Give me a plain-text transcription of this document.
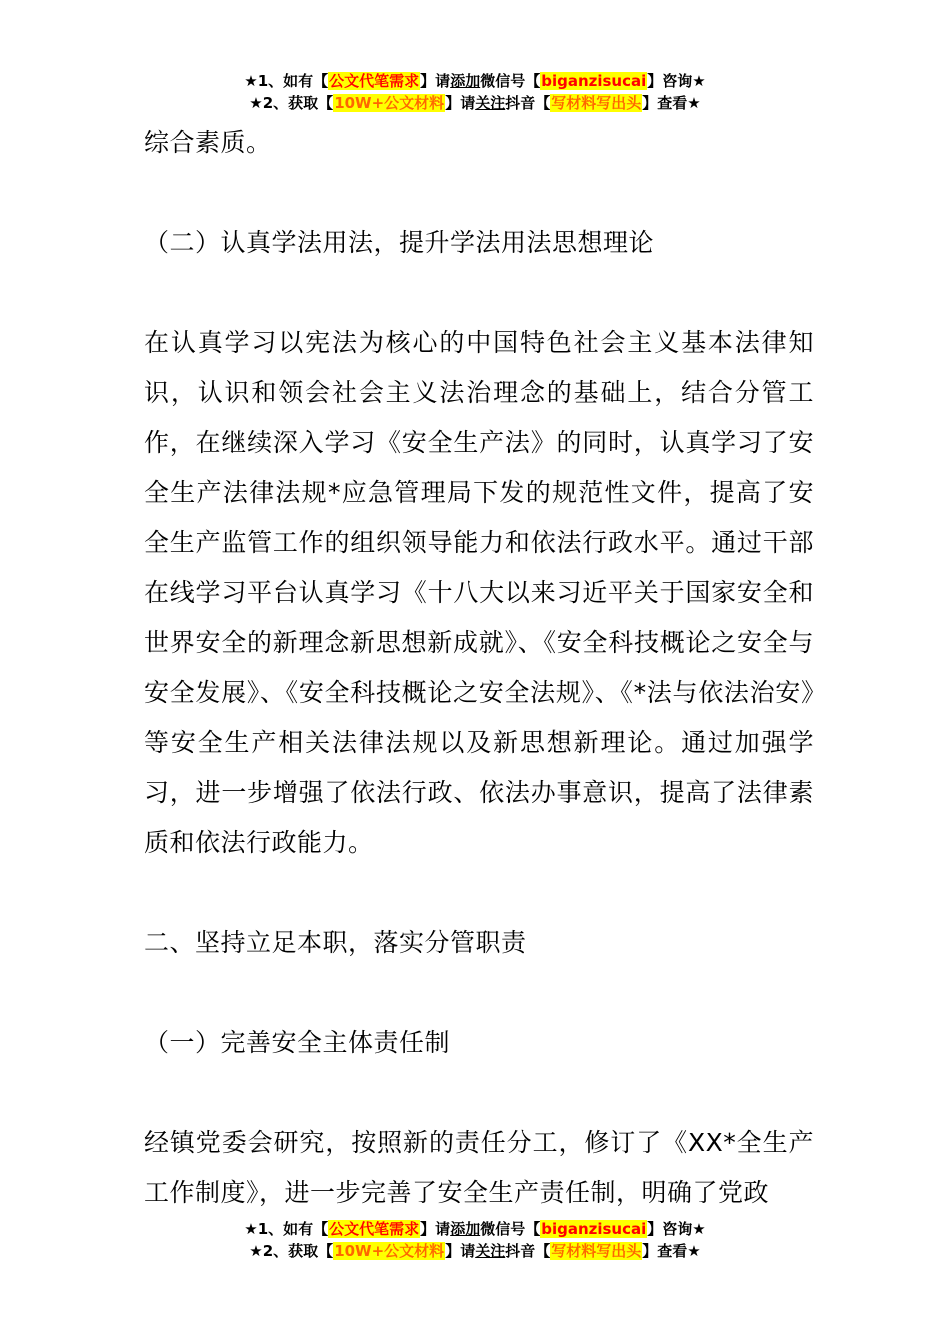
★1、如有【公文代笔需求】请添加微信号【biganzisucai】咨询★
★2、获取【10W+公文材料】请关注抖音【写材料写出头】查看★

综合素质。

（二）认真学法用法，提升学法用法思想理论

在认真学习以宪法为核心的中国特色社会主义基本法律知识，认识和领会社会主义法治理念的基础上，结合分管工作，在继续深入学习《安全生产法》的同时，认真学习了安全生产法律法规*应急管理局下发的规范性文件，提高了安全生产监管工作的组织领导能力和依法行政水平。通过干部在线学习平台认真学习《十八大以来习近平关于国家安全和世界安全的新理念新思想新成就》、《安全科技概论之安全与安全发展》、《安全科技概论之安全法规》、《*法与依法治安》等安全生产相关法律法规以及新思想新理论。通过加强学习，进一步增强了依法行政、依法办事意识，提高了法律素质和依法行政能力。

二、坚持立足本职，落实分管职责

（一）完善安全主体责任制

经镇党委会研究，按照新的责任分工，修订了《XX*全生产工作制度》，进一步完善了安全生产责任制，明确了党政

★1、如有【公文代笔需求】请添加微信号【biganzisucai】咨询★
★2、获取【10W+公文材料】请关注抖音【写材料写出头】查看★
